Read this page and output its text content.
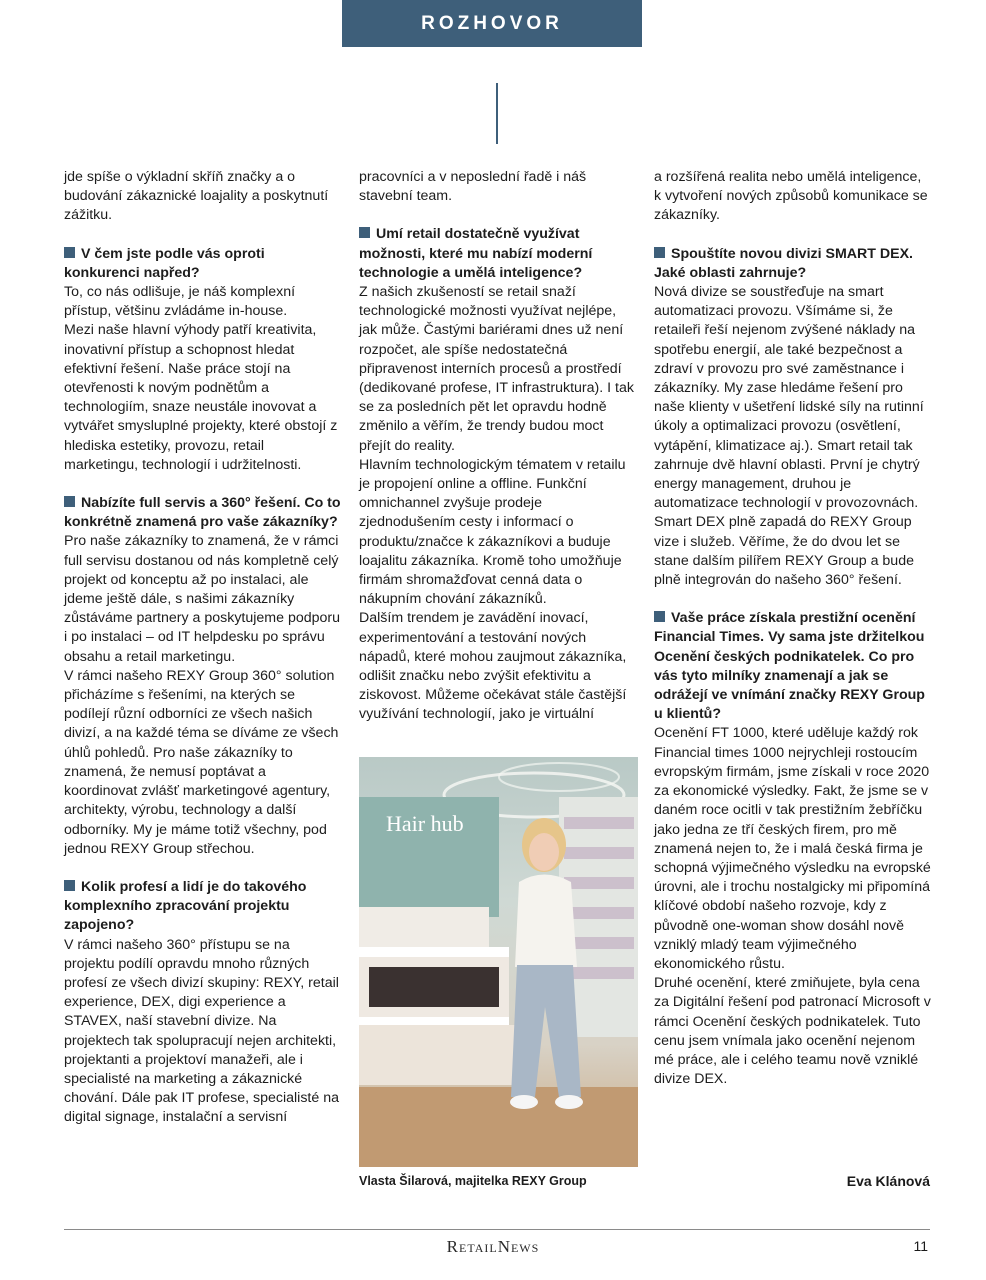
ROZHOVOR

jde spíše o výkladní skříň značky a o budování zákaznické loajality a poskytnutí zážitku.

V čem jste podle vás oproti konkurenci napřed?

To, co nás odlišuje, je náš komplexní přístup, většinu zvládáme in-house.

Mezi naše hlavní výhody patří kreativita, inovativní přístup a schopnost hledat efektivní řešení. Naše práce stojí na otevřenosti k novým podnětům a technologiím, snaze neustále inovovat a vytvářet smysluplné projekty, které obstojí z hlediska estetiky, provozu, retail marketingu, technologií i udržitelnosti.

Nabízíte full servis a 360° řešení. Co to konkrétně znamená pro vaše zákazníky?

Pro naše zákazníky to znamená, že v rámci full servisu dostanou od nás kompletně celý projekt od konceptu až po instalaci, ale jdeme ještě dále, s našimi zákazníky zůstáváme partnery a poskytujeme podporu i po instalaci – od IT helpdesku po správu obsahu a retail marketingu.

V rámci našeho REXY Group 360° solution přicházíme s řešeními, na kterých se podílejí různí odborníci ze všech našich divizí, a na každé téma se díváme ze všech úhlů pohledů. Pro naše zákazníky to znamená, že nemusí poptávat a koordinovat zvlášť marketingové agentury, architekty, výrobu, technology a další odborníky. My je máme totiž všechny, pod jednou REXY Group střechou.

Kolik profesí a lidí je do takového komplexního zpracování projektu zapojeno?

V rámci našeho 360° přístupu se na projektu podílí opravdu mnoho různých profesí ze všech divizí skupiny: REXY, retail experience, DEX, digi experience a STAVEX, naší stavební divize. Na projektech tak spolupracují nejen architekti, projektanti a projektoví manažeři, ale i specialisté na marketing a zákaznické chování. Dále pak IT profese, specialisté na digital signage, instalační a servisní

pracovníci a v neposlední řadě i náš stavební team.

Umí retail dostatečně využívat možnosti, které mu nabízí moderní technologie a umělá inteligence?

Z našich zkušeností se retail snaží technologické možnosti využívat nejlépe, jak může. Častými bariérami dnes už není rozpočet, ale spíše nedostatečná připravenost interních procesů a prostředí (dedikované profese, IT infrastruktura). I tak se za posledních pět let opravdu hodně změnilo a věřím, že trendy budou moct přejít do reality.

Hlavním technologickým tématem v retailu je propojení online a offline. Funkční omnichannel zvyšuje prodeje zjednodušením cesty i informací o produktu/značce k zákazníkovi a buduje loajalitu zákazníka. Kromě toho umožňuje firmám shromažďovat cenná data o nákupním chování zákazníků.

Dalším trendem je zavádění inovací, experimentování a testování nových nápadů, které mohou zaujmout zákazníka, odlišit značku nebo zvýšit efektivitu a ziskovost. Můžeme očekávat stále častější využívání technologií, jako je virtuální

Hair hub
Vlasta Šilarová, majitelka REXY Group

a rozšířená realita nebo umělá inteligence, k vytvoření nových způsobů komunikace se zákazníky.

Spouštíte novou divizi SMART DEX. Jaké oblasti zahrnuje?

Nová divize se soustřeďuje na smart automatizaci provozu. Všímáme si, že retaileři řeší nejenom zvýšené náklady na spotřebu energií, ale také bezpečnost a zdraví v provozu pro své zaměstnance i zákazníky. My zase hledáme řešení pro naše klienty v ušetření lidské síly na rutinní úkoly a optimalizaci provozu (osvětlení, vytápění, klimatizace aj.). Smart retail tak zahrnuje dvě hlavní oblasti. První je chytrý energy management, druhou je automatizace technologií v provozovnách.

Smart DEX plně zapadá do REXY Group vize i služeb. Věříme, že do dvou let se stane dalším pilířem REXY Group a bude plně integrován do našeho 360° řešení.

Vaše práce získala prestižní ocenění Financial Times. Vy sama jste držitelkou Ocenění českých podnikatelek. Co pro vás tyto milníky znamenají a jak se odrážejí ve vnímání značky REXY Group u klientů?

Ocenění FT 1000, které uděluje každý rok Financial times 1000 nejrychleji rostoucím evropským firmám, jsme získali v roce 2020 za ekonomické výsledky. Fakt, že jsme se v daném roce ocitli v tak prestižním žebříčku jako jedna ze tří českých firem, pro mě znamená nejen to, že i malá česká firma je schopná výjimečného výsledku na evropské úrovni, ale i trochu nostalgicky mi připomíná klíčové období našeho rozvoje, kdy z původně one-woman show dosáhl nově vzniklý mladý team výjimečného ekonomického růstu.

Druhé ocenění, které zmiňujete, byla cena za Digitální řešení pod patronací Microsoft v rámci Ocenění českých podnikatelek. Tuto cenu jsem vnímala jako ocenění nejenom mé práce, ale i celého teamu nově vzniklé divize DEX.

Eva Klánová
RetailNews	11
